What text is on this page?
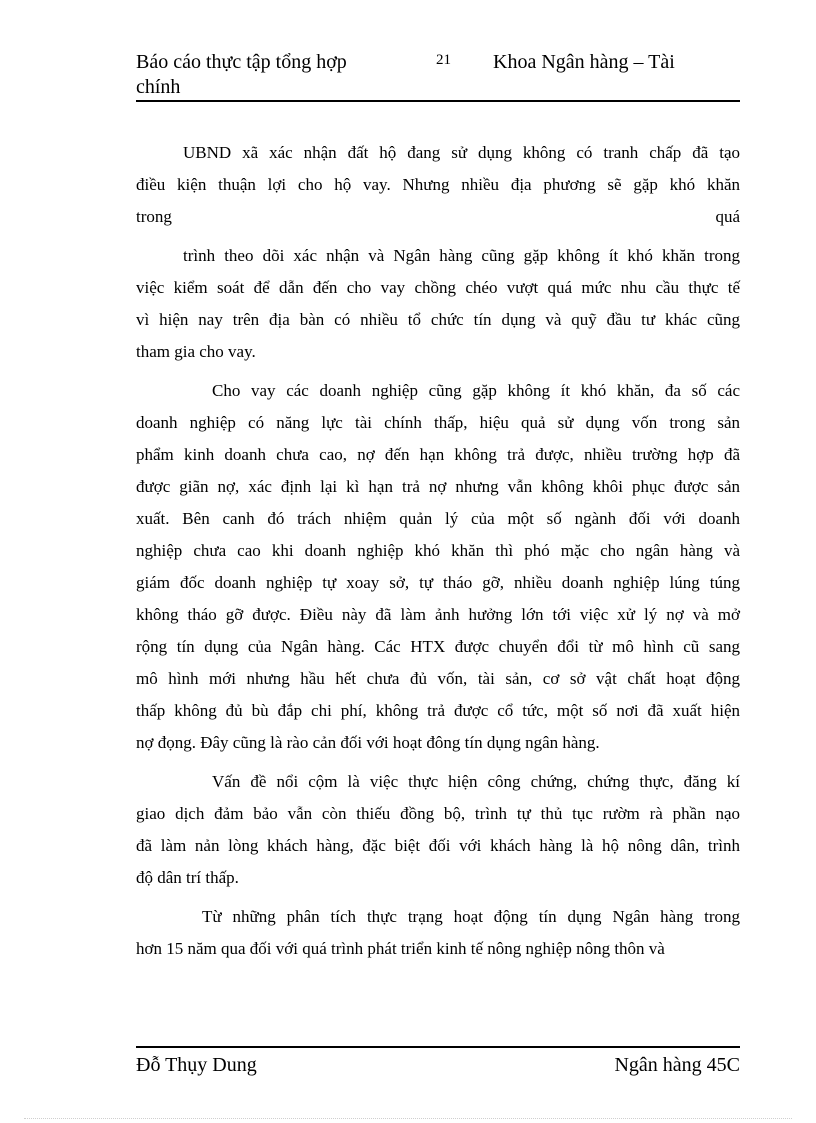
Báo cáo thực tập tổng hợp chính
21 Khoa Ngân hàng – Tài
UBND xã xác nhận đất hộ đang sử dụng không có tranh chấp đã tạo
điều kiện thuận lợi cho hộ vay. Nhưng nhiều địa phương sẽ gặp khó khăn
trong quá
trình theo dõi xác nhận và Ngân hàng cũng gặp không ít khó khăn trong
việc kiểm soát để dẫn đến cho vay chồng chéo vượt quá mức nhu cầu thực tế
vì hiện nay trên địa bàn có nhiều tổ chức tín dụng và quỹ đầu tư khác cũng
tham gia cho vay.
Cho vay các doanh nghiệp cũng gặp không ít khó khăn, đa số các
doanh nghiệp có năng lực tài chính thấp, hiệu quả sử dụng vốn trong sản
phẩm kinh doanh chưa cao, nợ đến hạn không trả được, nhiều trường hợp đã
được giãn nợ, xác định lại kì hạn trả nợ nhưng vẫn không khôi phục được sản
xuất. Bên canh đó trách nhiệm quản lý của một số ngành đối với doanh
nghiệp chưa cao khi doanh nghiệp khó khăn thì phó mặc cho ngân hàng và
giám đốc doanh nghiệp tự xoay sở, tự tháo gỡ, nhiều doanh nghiệp lúng túng
không tháo gỡ được. Điều này đã làm ảnh hưởng lớn tới việc xử lý nợ và mở
rộng tín dụng của Ngân hàng. Các HTX được chuyển đổi từ mô hình cũ sang
mô hình mới nhưng hầu hết chưa đủ vốn, tài sản, cơ sở vật chất hoạt động
thấp không đủ bù đắp chi phí, không trả được cổ tức, một số nơi đã xuất hiện
nợ đọng. Đây cũng là rào cản đối với hoạt đông tín dụng ngân hàng.
Vấn đề nổi cộm là việc thực hiện công chứng, chứng thực, đăng kí
giao dịch đảm bảo vẫn còn thiếu đồng bộ, trình tự thủ tục rườm rà phần nạo
đã làm nản lòng khách hàng, đặc biệt đối với khách hàng là hộ nông dân, trình
độ dân trí thấp.
Từ những phân tích thực trạng hoạt động tín dụng Ngân hàng trong
hơn 15 năm qua đối với quá trình phát triển kinh tế nông nghiệp nông thôn và
Đỗ Thụy Dung	Ngân hàng 45C
